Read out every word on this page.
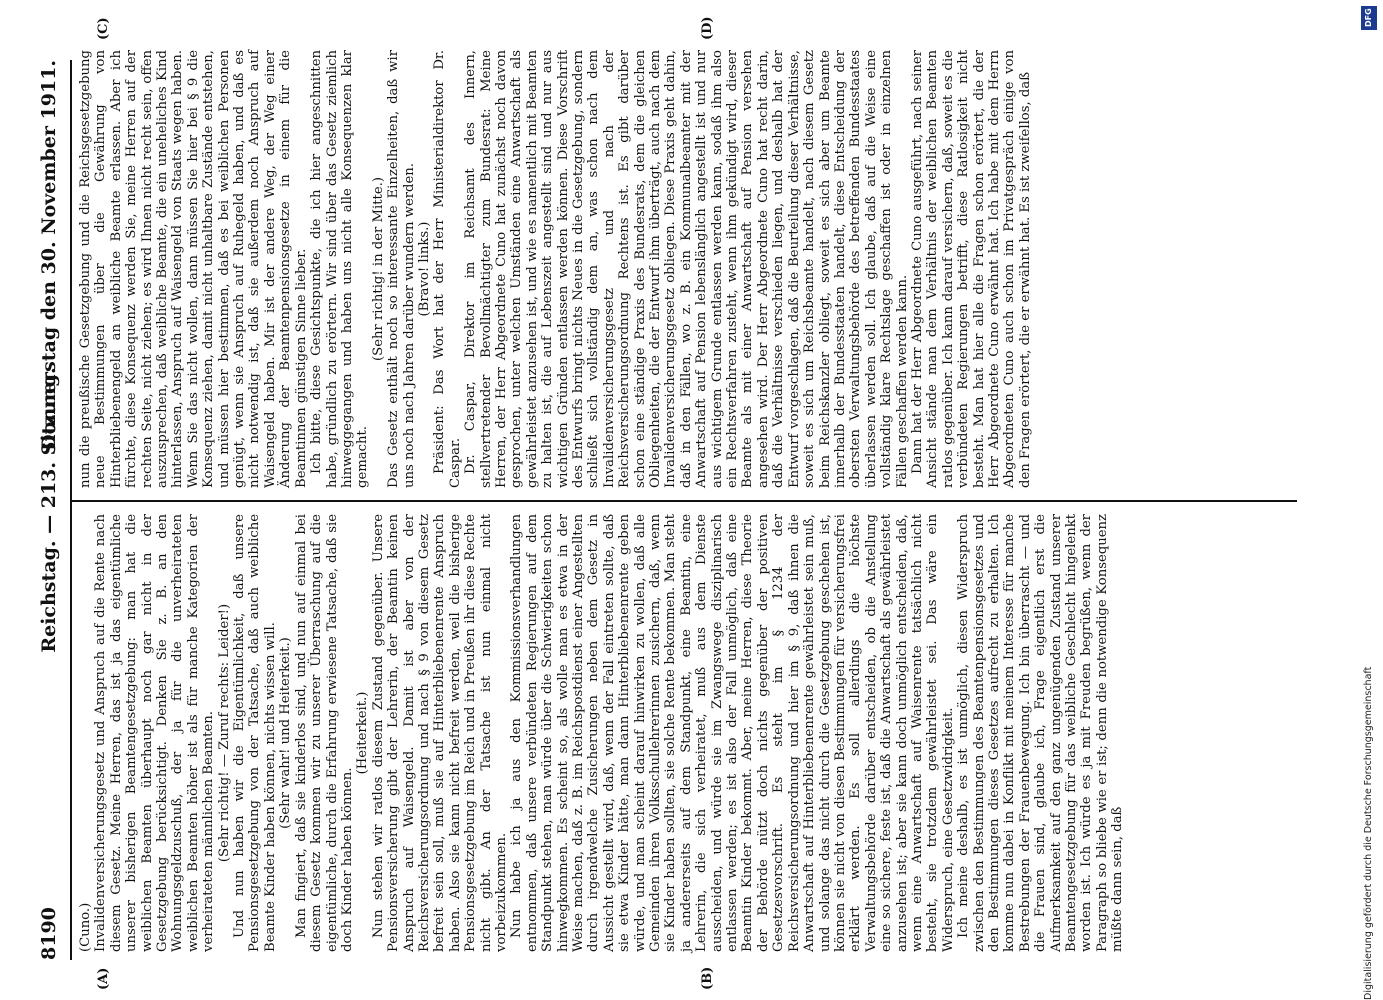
8190
Reichstag. — 213. Sitzung.
Donnerstag den 30. November 1911.
(A)	(B)
(C)	(D)

(Cuno.) Invalidenversicherungsgesetz und Anspruch auf die Rente nach diesem Gesetz. Meine Herren, das ist ja das eigentümliche unserer bisherigen Beamtengesetzgebung: man hat die weiblichen Beamten überhaupt noch gar nicht in der Gesetzgebung berücksichtigt. Denken Sie z. B. an den Wohnungsgeldzuschuß, der ja für die unverheirateten weiblichen Beamten höher ist als für manche Kategorien der verheirateten männlichen Beamten. (Sehr richtig! — Zuruf rechts: Leider!) Und nun haben wir die Eigentümlichkeit, daß unsere Pensionsgesetzgebung von der Tatsache, daß auch weibliche Beamte Kinder haben können, nichts wissen will. (Sehr wahr! und Heiterkeit.) Man fingiert, daß sie kinderlos sind, und nun auf einmal bei diesem Gesetz kommen wir zu unserer Überraschung auf die eigentümliche, durch die Erfahrung erwiesene Tatsache, daß sie doch Kinder haben können.

(Heiterkeit.) Nun stehen wir ratlos diesem Zustand gegenüber. Unsere Pensionsversicherung gibt der Lehrerin, der Beamtin keinen Anspruch auf Waisengeld. Damit ist aber von der Reichsversicherungsordnung und nach § 9 von diesem Gesetz befreit sein soll, muß sie auf Hinterbliebenenrente Anspruch haben. Also sie kann nicht befreit werden, weil die bisherige Pensionsgesetzgebung im Reich und in Preußen ihr diese Rechte nicht gibt. An der Tatsache ist nun einmal nicht vorbeizukommen. Nun habe ich ja aus den Kommissionsverhandlungen entnommen, daß unsere verbündeten Regierungen auf dem Standpunkt stehen, man würde über die Schwierigkeiten schon hinwegkommen. Es scheint so, als wolle man es etwa in der Weise machen, daß z. B. im Reichspostdienst einer Angestellten durch irgendwelche Zusicherungen neben dem Gesetz in Aussicht gestellt wird, daß, wenn der Fall eintreten sollte, daß sie etwa Kinder hätte, man dann Hinterbliebenenrente geben würde, und man scheint darauf hinwirken zu wollen, daß alle Gemeinden ihren Volksschullehrerinnen zusichern, daß, wenn sie Kinder haben sollten, sie solche Rente bekommen. Man steht ja andererseits auf dem Standpunkt, eine Beamtin, eine Lehrerin, die sich verheiratet, muß aus dem Dienste ausscheiden, und würde sie im Zwangswege disziplinarisch entlassen werden; es ist also der Fall unmöglich, daß eine Beamtin Kinder bekommt. Aber, meine Herren, diese Theorie der Behörde nützt doch nichts gegenüber der positiven Gesetzesvorschrift. Es steht im § 1234 der Reichsversicherungsordnung und hier im § 9, daß ihnen die Anwartschaft auf Hinterbliebenenrente gewährleistet sein muß, und solange das nicht durch die Gesetzgebung geschehen ist, können sie nicht von diesen Bestimmungen für versicherungsfrei erklärt werden. Es soll allerdings die höchste Verwaltungsbehörde darüber entscheiden, ob die Anstellung eine so sichere, feste ist, daß die Anwartschaft als gewährleistet anzusehen ist; aber sie kann doch unmöglich entscheiden, daß, wenn eine Anwartschaft auf Waisenrente tatsächlich nicht besteht, sie trotzdem gewährleistet sei. Das wäre ein Widerspruch, eine Gesetzwidrigkeit. Ich meine deshalb, es ist unmöglich, diesen Widerspruch zwischen den Bestimmungen des Beamtenpensionsgesetzes und den Bestimmungen dieses Gesetzes aufrecht zu erhalten. Ich komme nun dabei in Konflikt mit meinem Interesse für manche Bestrebungen der Frauenbewegung. Ich bin überrascht — und die Frauen sind, glaube ich, Frage eigentlich erst die Aufmerksamkeit auf den ganz ungenügenden Zustand unserer Beamtengesetzgebung für das weibliche Geschlecht hingelenkt worden ist. Ich würde es ja mit Freuden begrüßen, wenn der Paragraph so bliebe wie er ist; denn die notwendige Konsequenz müßte dann sein, daß

nun die preußische Gesetzgebung und die Reichsgesetzgebung neue Bestimmungen über die Gewährung von Hinterbliebenengeld an weibliche Beamte erlassen. Aber ich fürchte, diese Konsequenz werden Sie, meine Herren auf der rechten Seite, nicht ziehen; es wird Ihnen nicht recht sein, offen auszusprechen, daß weibliche Beamte, die ein uneheliches Kind hinterlassen, Anspruch auf Waisengeld von Staats wegen haben. Wenn Sie das nicht wollen, dann müssen Sie hier bei § 9 die Konsequenz ziehen, damit nicht unhaltbare Zustände entstehen, und müssen hier bestimmen, daß es bei weiblichen Personen genügt, wenn sie Anspruch auf Ruhegeld haben, und daß es nicht notwendig ist, daß sie außerdem noch Anspruch auf Waisengeld haben. Mir ist der andere Weg, der Weg einer Änderung der Beamtenpensionsgesetze in einem für die Beamtinnen günstigen Sinne lieber. Ich bitte, diese Gesichtspunkte, die ich hier angeschnitten habe, gründlich zu erörtern. Wir sind über das Gesetz ziemlich hinweggegangen und haben uns nicht alle Konsequenzen klar gemacht.

(Sehr richtig! in der Mitte.) Das Gesetz enthält noch so interessante Einzelheiten, daß wir uns noch nach Jahren darüber wundern werden. (Bravo! links.) Präsident: Das Wort hat der Herr Ministerialdirektor Dr. Caspar. Dr. Caspar, Direktor im Reichsamt des Innern, stellvertretender Bevollmächtigter zum Bundesrat: Meine Herren, der Herr Abgeordnete Cuno hat zunächst noch davon gesprochen, unter welchen Umständen eine Anwartschaft als gewährleistet anzusehen ist, und wie es namentlich mit Beamten zu halten ist, die auf Lebenszeit angestellt sind und nur aus wichtigen Gründen entlassen werden können. Diese Vorschrift des Entwurfs bringt nichts Neues in die Gesetzgebung, sondern schließt sich vollständig dem an, was schon nach dem Invalidenversicherungsgesetz und nach der Reichsversicherungsordnung Rechtens ist. Es gibt darüber schon eine ständige Praxis des Bundesrats, dem die gleichen Obliegenheiten, die der Entwurf ihm überträgt, auch nach dem Invalidenversicherungsgesetz obliegen. Diese Praxis geht dahin, daß in den Fällen, wo z. B. ein Kommunalbeamter mit der Anwartschaft auf Pension lebenslänglich angestellt ist und nur aus wichtigem Grunde entlassen werden kann, sodaß ihm also ein Rechtsverfahren zusteht, wenn ihm gekündigt wird, dieser Beamte als mit einer Anwartschaft auf Pension versehen angesehen wird. Der Herr Abgeordnete Cuno hat recht darin, daß die Verhältnisse verschieden liegen, und deshalb hat der Entwurf vorgeschlagen, daß die Beurteilung dieser Verhältnisse, soweit es sich um Reichsbeamte handelt, nach diesem Gesetz beim Reichskanzler obliegt, soweit es sich aber um Beamte innerhalb der Bundesstaaten handelt, diese Entscheidung der obersten Verwaltungsbehörde des betreffenden Bundesstaates überlassen werden soll. Ich glaube, daß auf die Weise eine vollständig klare Rechtslage geschaffen ist oder in einzelnen Fällen geschaffen werden kann. Dann hat der Herr Abgeordnete Cuno ausgeführt, nach seiner Ansicht stände man dem Verhältnis der weiblichen Beamten ratlos gegenüber. Ich kann darauf versichern, daß, soweit es die verbündeten Regierungen betrifft, diese Ratlosigkeit nicht besteht. Man hat hier alle die Fragen schon erörtert, die der Herr Abgeordnete Cuno erwähnt hat. Ich habe mit dem Herrn Abgeordneten Cuno auch schon im Privatgespräch einige von den Fragen erörtert, die er erwähnt hat. Es ist zweifellos, daß

DFG
Digitalisierung gefördert durch die Deutsche Forschungsgemeinschaft
